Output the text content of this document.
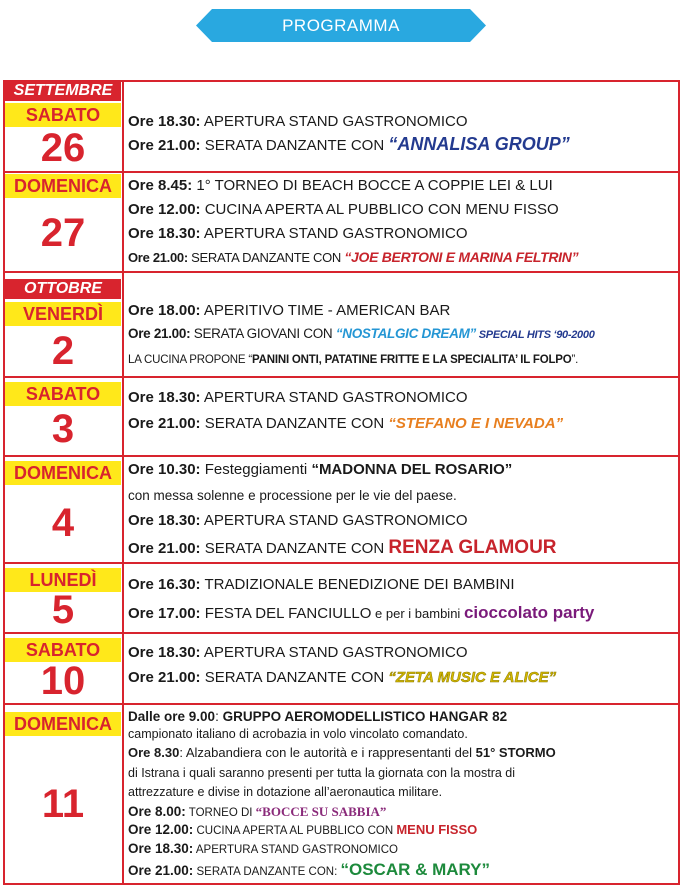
PROGRAMMA
SETTEMBRE
SABATO
26
Ore 18.30: APERTURA STAND GASTRONOMICO
Ore 21.00: SERATA DANZANTE CON “ANNALISA GROUP”
DOMENICA
27
Ore 8.45: 1° TORNEO DI BEACH BOCCE A COPPIE LEI & LUI
Ore 12.00: CUCINA APERTA AL PUBBLICO CON MENU FISSO
Ore 18.30: APERTURA STAND GASTRONOMICO
Ore 21.00: SERATA DANZANTE CON “JOE BERTONI E MARINA FELTRIN”
OTTOBRE
VENERDÌ
2
Ore 18.00: APERITIVO TIME - AMERICAN BAR
Ore 21.00: SERATA GIOVANI CON “NOSTALGIC DREAM” SPECIAL HITS ‘90-2000
LA CUCINA PROPONE “PANINI ONTI, PATATINE FRITTE E LA SPECIALITA’ IL FOLPO”.
SABATO
3
Ore 18.30: APERTURA STAND GASTRONOMICO
Ore 21.00: SERATA DANZANTE CON “STEFANO E I NEVADA”
DOMENICA
4
Ore 10.30: Festeggiamenti “MADONNA DEL ROSARIO”
con messa solenne e processione per le vie del paese.
Ore 18.30: APERTURA STAND GASTRONOMICO
Ore 21.00: SERATA DANZANTE CON RENZA GLAMOUR
LUNEDÌ
5
Ore 16.30: TRADIZIONALE BENEDIZIONE DEI BAMBINI
Ore 17.00: FESTA DEL FANCIULLO e per i bambini cioccolato party
SABATO
10
Ore 18.30: APERTURA STAND GASTRONOMICO
Ore 21.00: SERATA DANZANTE CON “ZETA MUSIC E ALICE”
DOMENICA
11
Dalle ore 9.00: GRUPPO AEROMODELLISTICO HANGAR 82
campionato italiano di acrobazia in volo vincolato comandato.
Ore 8.30: Alzabandiera con le autorità e i rappresentanti del 51° STORMO
di Istrana i quali saranno presenti per tutta la giornata con la mostra di
attrezzature e divise in dotazione all’aeronautica militare.
Ore 8.00: TORNEO DI “BOCCE SU SABBIA”
Ore 12.00: CUCINA APERTA AL PUBBLICO CON MENU FISSO
Ore 18.30: APERTURA STAND GASTRONOMICO
Ore 21.00: SERATA DANZANTE CON: “OSCAR & MARY”
